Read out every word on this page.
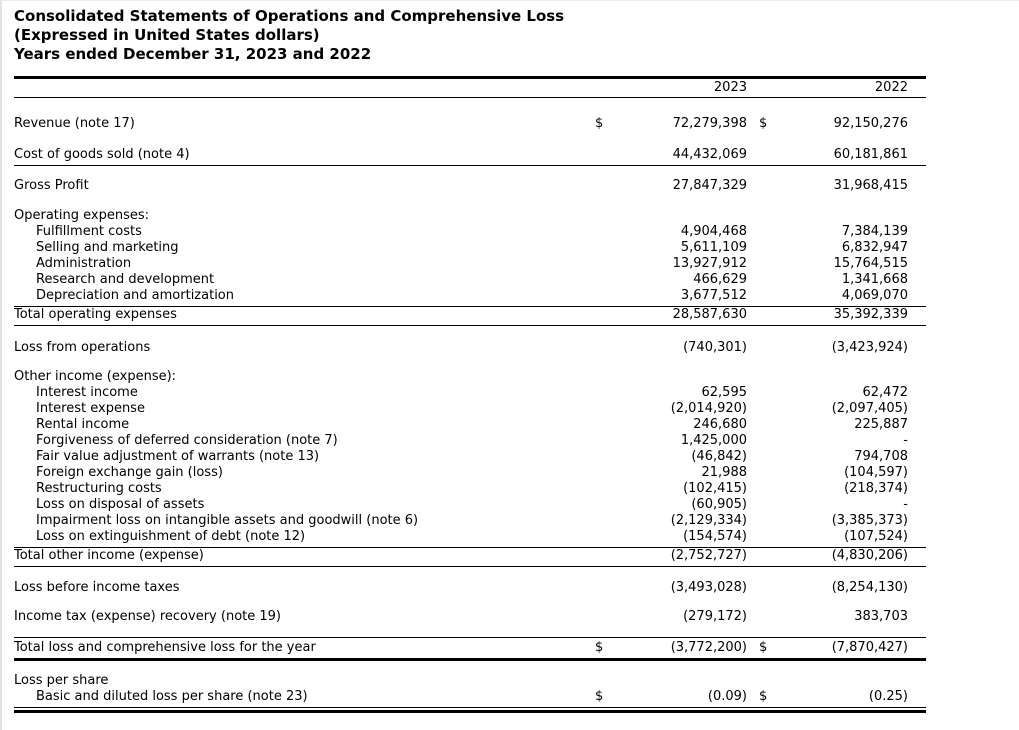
Consolidated Statements of Operations and Comprehensive Loss
(Expressed in United States dollars)
Years ended December 31, 2023 and 2022
2023	2022
Revenue (note 17)	$	72,279,398 $	92,150,276
Cost of goods sold (note 4)	44,432,069	60,181,861
Gross Profit	27,847,329	31,968,415
Operating expenses:
Fulfillment costs	4,904,468	7,384,139
Selling and marketing	5,611,109	6,832,947
Administration	13,927,912	15,764,515
Research and development	466,629	1,341,668
Depreciation and amortization	3,677,512	4,069,070
Total operating expenses	28,587,630	35,392,339
Loss from operations	(740,301)	(3,423,924)
Other income (expense):
Interest income	62,595	62,472
Interest expense	(2,014,920)	(2,097,405)
Rental income	246,680	225,887
Forgiveness of deferred consideration (note 7)	1,425,000	-
Fair value adjustment of warrants (note 13)	(46,842)	794,708
Foreign exchange gain (loss)	21,988	(104,597)
Restructuring costs	(102,415)	(218,374)
Loss on disposal of assets	(60,905)	-
Impairment loss on intangible assets and goodwill (note 6)	(2,129,334)	(3,385,373)
Loss on extinguishment of debt (note 12)	(154,574)	(107,524)
Total other income (expense)	(2,752,727)	(4,830,206)
Loss before income taxes	(3,493,028)	(8,254,130)
Income tax (expense) recovery (note 19)	(279,172)	383,703
Total loss and comprehensive loss for the year	$	(3,772,200) $	(7,870,427)
Loss per share
Basic and diluted loss per share (note 23)	$	(0.09) $	(0.25)
